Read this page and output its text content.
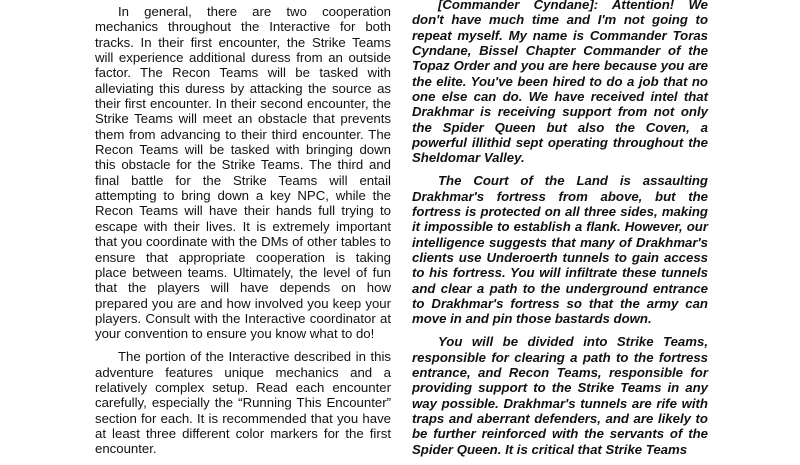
In general, there are two cooperation mechanics throughout the Interactive for both tracks. In their first encounter, the Strike Teams will experience additional duress from an outside factor. The Recon Teams will be tasked with alleviating this duress by attacking the source as their first encounter. In their second encounter, the Strike Teams will meet an obstacle that prevents them from advancing to their third encounter. The Recon Teams will be tasked with bringing down this obstacle for the Strike Teams. The third and final battle for the Strike Teams will entail attempting to bring down a key NPC, while the Recon Teams will have their hands full trying to escape with their lives. It is extremely important that you coordinate with the DMs of other tables to ensure that appropriate cooperation is taking place between teams. Ultimately, the level of fun that the players will have depends on how prepared you are and how involved you keep your players. Consult with the Interactive coordinator at your convention to ensure you know what to do!

The portion of the Interactive described in this adventure features unique mechanics and a relatively complex setup. Read each encounter carefully, especially the “Running This Encounter” section for each. It is recommended that you have at least three different color markers for the first encounter.

[Commander Cyndane]: Attention! We don't have much time and I'm not going to repeat myself. My name is Commander Toras Cyndane, Bissel Chapter Commander of the Topaz Order and you are here because you are the elite. You've been hired to do a job that no one else can do. We have received intel that Drakhmar is receiving support from not only the Spider Queen but also the Coven, a powerful illithid sept operating throughout the Sheldomar Valley.

The Court of the Land is assaulting Drakhmar's fortress from above, but the fortress is protected on all three sides, making it impossible to establish a flank. However, our intelligence suggests that many of Drakhmar's clients use Underoerth tunnels to gain access to his fortress. You will infiltrate these tunnels and clear a path to the underground entrance to Drakhmar's fortress so that the army can move in and pin those bastards down.

You will be divided into Strike Teams, responsible for clearing a path to the fortress entrance, and Recon Teams, responsible for providing support to the Strike Teams in any way possible. Drakhmar's tunnels are rife with traps and aberrant defenders, and are likely to be further reinforced with the servants of the Spider Queen. It is critical that Strike Teams
